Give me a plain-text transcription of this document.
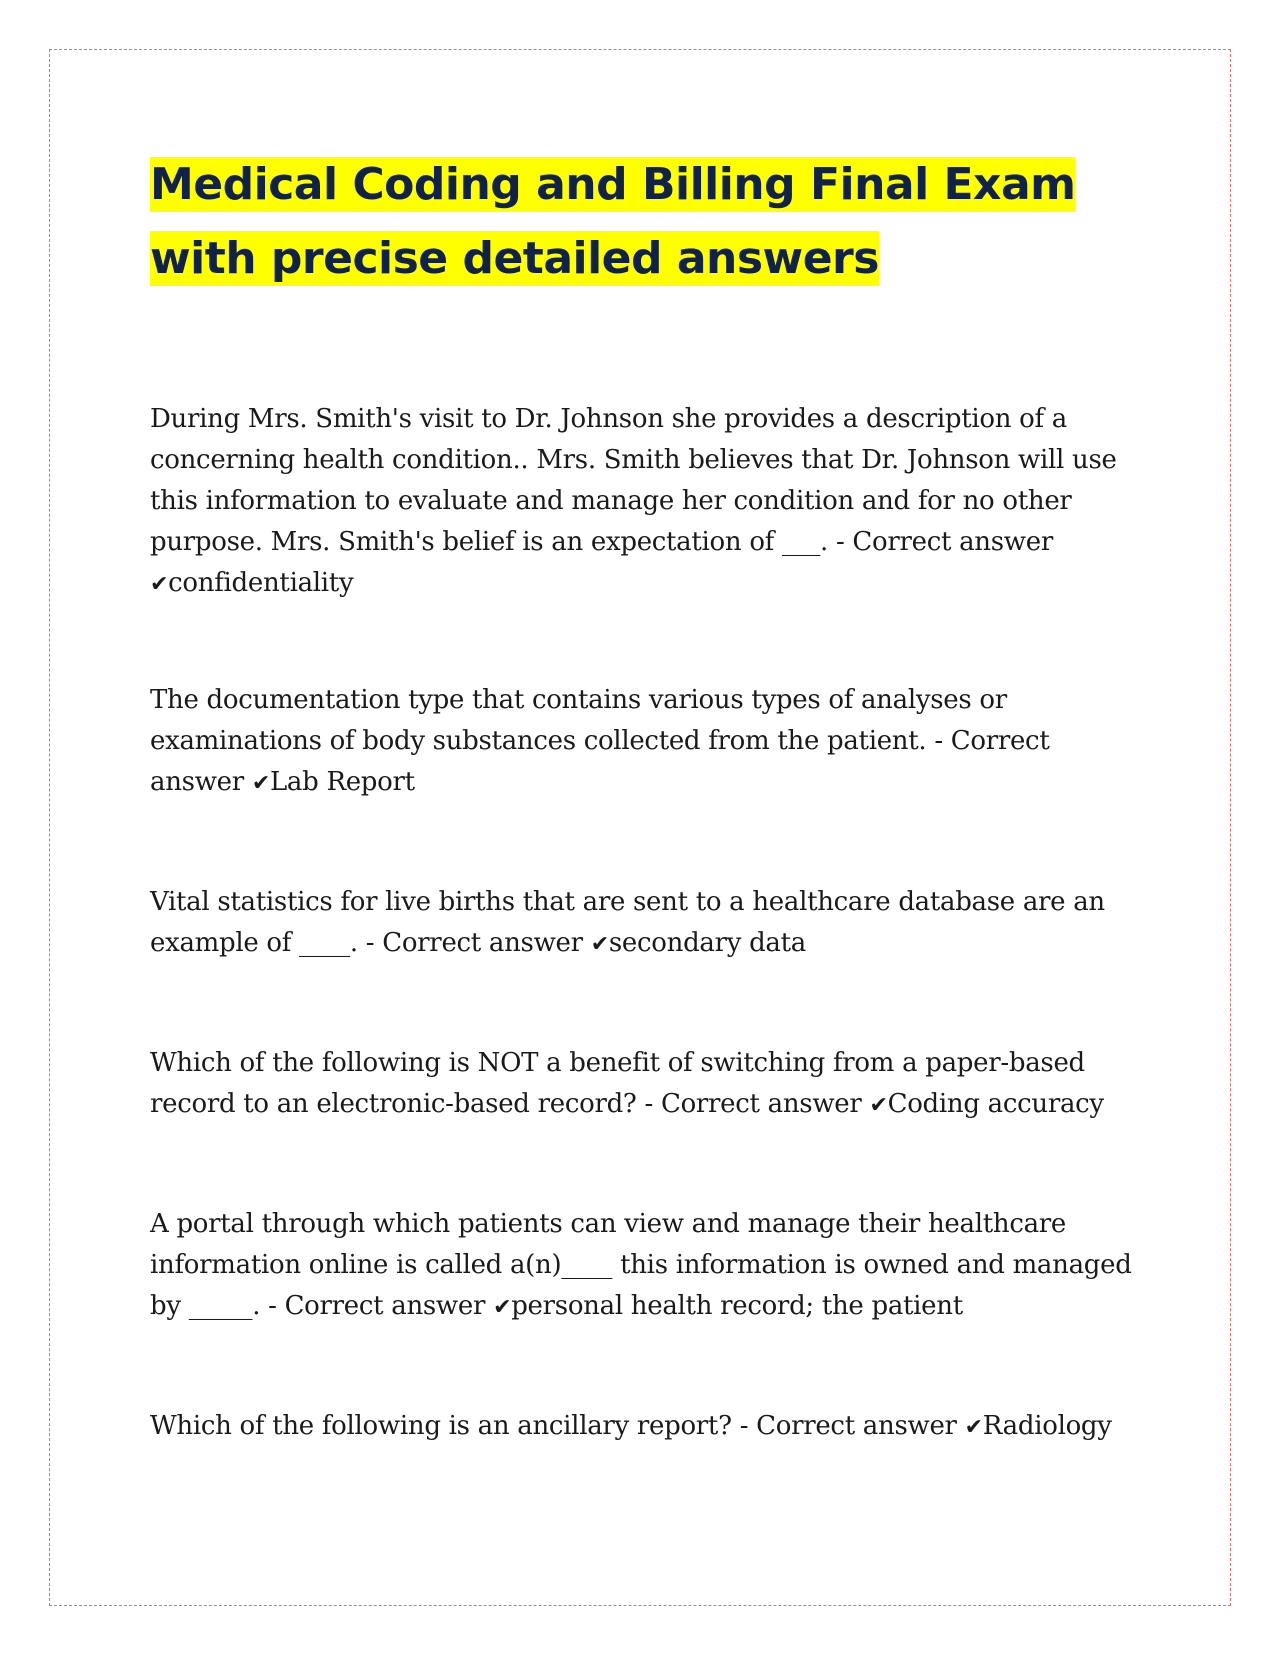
Medical Coding and Billing Final Exam with precise detailed answers

During Mrs. Smith's visit to Dr. Johnson she provides a description of a concerning health condition.. Mrs. Smith believes that Dr. Johnson will use this information to evaluate and manage her condition and for no other purpose. Mrs. Smith's belief is an expectation of ___. - Correct answer ✔confidentiality

The documentation type that contains various types of analyses or examinations of body substances collected from the patient. - Correct answer ✔Lab Report

Vital statistics for live births that are sent to a healthcare database are an example of ____. - Correct answer ✔secondary data

Which of the following is NOT a benefit of switching from a paper-based record to an electronic-based record? - Correct answer ✔Coding accuracy

A portal through which patients can view and manage their healthcare information online is called a(n)____ this information is owned and managed by _____. - Correct answer ✔personal health record; the patient

Which of the following is an ancillary report? - Correct answer ✔Radiology
